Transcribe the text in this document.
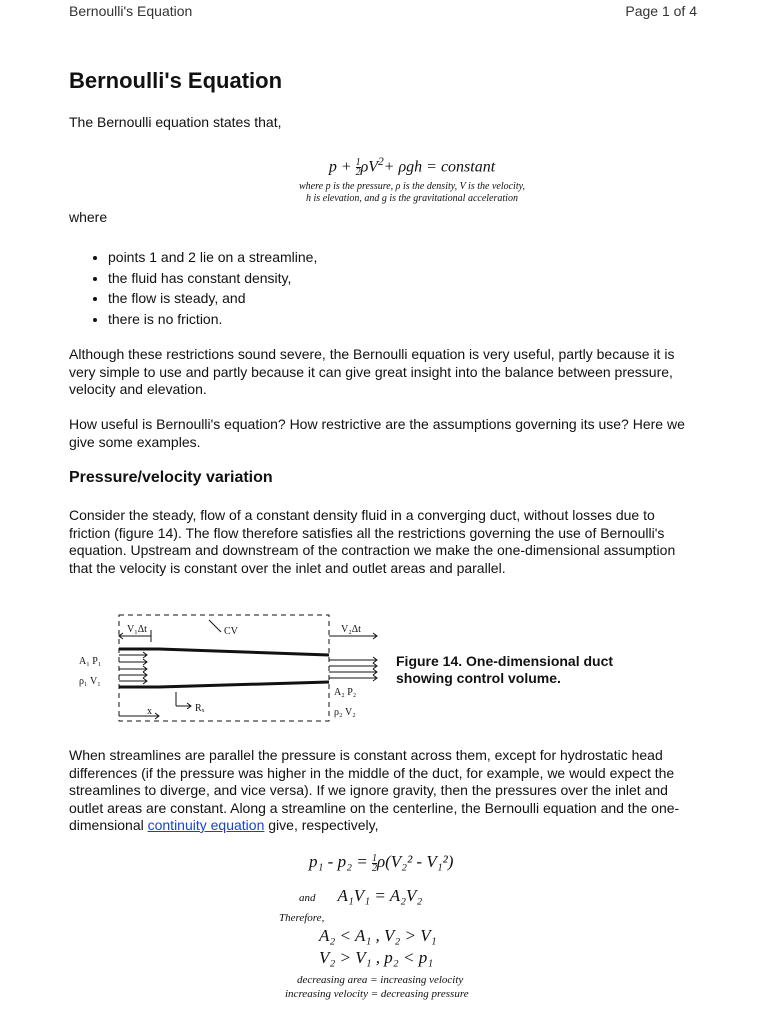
Bernoulli's Equation	Page 1 of 4
Bernoulli's Equation

The Bernoulli equation states that,

$p + \frac{1}{2} \rho V^2+ \rho gh$ = constant
where p is the pressure, ρ is the density, V is the velocity,
h is elevation, and g is the gravitational acceleration

where

• points 1 and 2 lie on a streamline,
• the fluid has constant density,
• the flow is steady, and
• there is no friction.

Although these restrictions sound severe, the Bernoulli equation is very useful, partly because it is very simple to use and partly because it can give great insight into the balance between pressure, velocity and elevation.

How useful is Bernoulli's equation? How restrictive are the assumptions governing its use? Here we give some examples.

Pressure/velocity variation

Consider the steady, flow of a constant density fluid in a converging duct, without losses due to friction (figure 14). The flow therefore satisfies all the restrictions governing the use of Bernoulli's equation. Upstream and downstream of the contraction we make the one-dimensional assumption that the velocity is constant over the inlet and outlet areas and parallel.

V₁Δt	CV	V₂Δt
A₁ P₁
ρ₁ V₁
A₂ P₂
ρ₂ V₂
x	Rₓ
Figure 14. One-dimensional duct showing control volume.

When streamlines are parallel the pressure is constant across them, except for hydrostatic head differences (if the pressure was higher in the middle of the duct, for example, we would expect the streamlines to diverge, and vice versa). If we ignore gravity, then the pressures over the inlet and outlet areas are constant. Along a streamline on the centerline, the Bernoulli equation and the one-dimensional continuity equation give, respectively,

$p_1 - p_2 = \frac{1}{2} \rho(V_2^2 - V_1^2)$
and A₁V₁ = A₂V₂
Therefore,
A₂ < A₁ , V₂ > V₁
V₂ > V₁ , p₂ < p₁
decreasing area = increasing velocity
increasing velocity = decreasing pressure
